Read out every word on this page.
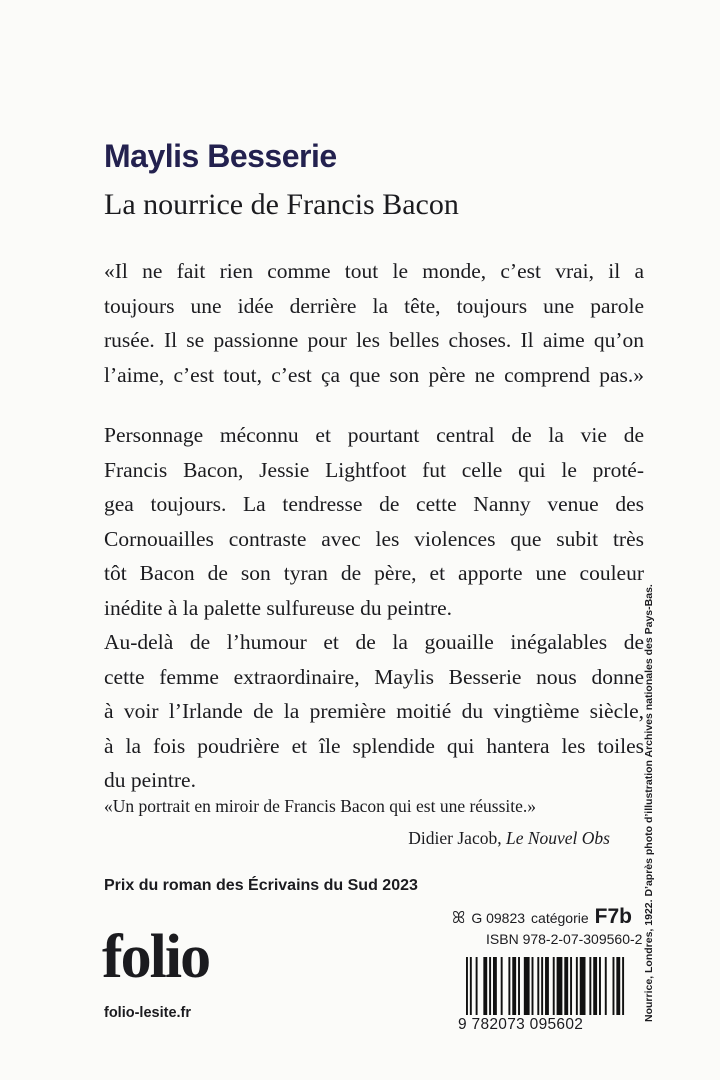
Maylis Besserie
La nourrice de Francis Bacon
«Il ne fait rien comme tout le monde, c’est vrai, il a
toujours une idée derrière la tête, toujours une parole
rusée. Il se passionne pour les belles choses. Il aime qu’on
l’aime, c’est tout, c’est ça que son père ne comprend pas.»
Personnage méconnu et pourtant central de la vie de
Francis Bacon, Jessie Lightfoot fut celle qui le proté-
gea toujours. La tendresse de cette Nanny venue des
Cornouailles contraste avec les violences que subit très
tôt Bacon de son tyran de père, et apporte une couleur
inédite à la palette sulfureuse du peintre.
Au-delà de l’humour et de la gouaille inégalables de
cette femme extraordinaire, Maylis Besserie nous donne
à voir l’Irlande de la première moitié du vingtième siècle,
à la fois poudrière et île splendide qui hantera les toiles
du peintre.
«Un portrait en miroir de Francis Bacon qui est une réussite.»
Didier Jacob, Le Nouvel Obs
Prix du roman des Écrivains du Sud 2023
folio
folio-lesite.fr
ꕤ G 09823 catégorie F7b
ISBN 978-2-07-309560-2
9 782073 095602
Nourrice, Londres, 1922. D’après photo d’illustration Archives nationales des Pays-Bas.
